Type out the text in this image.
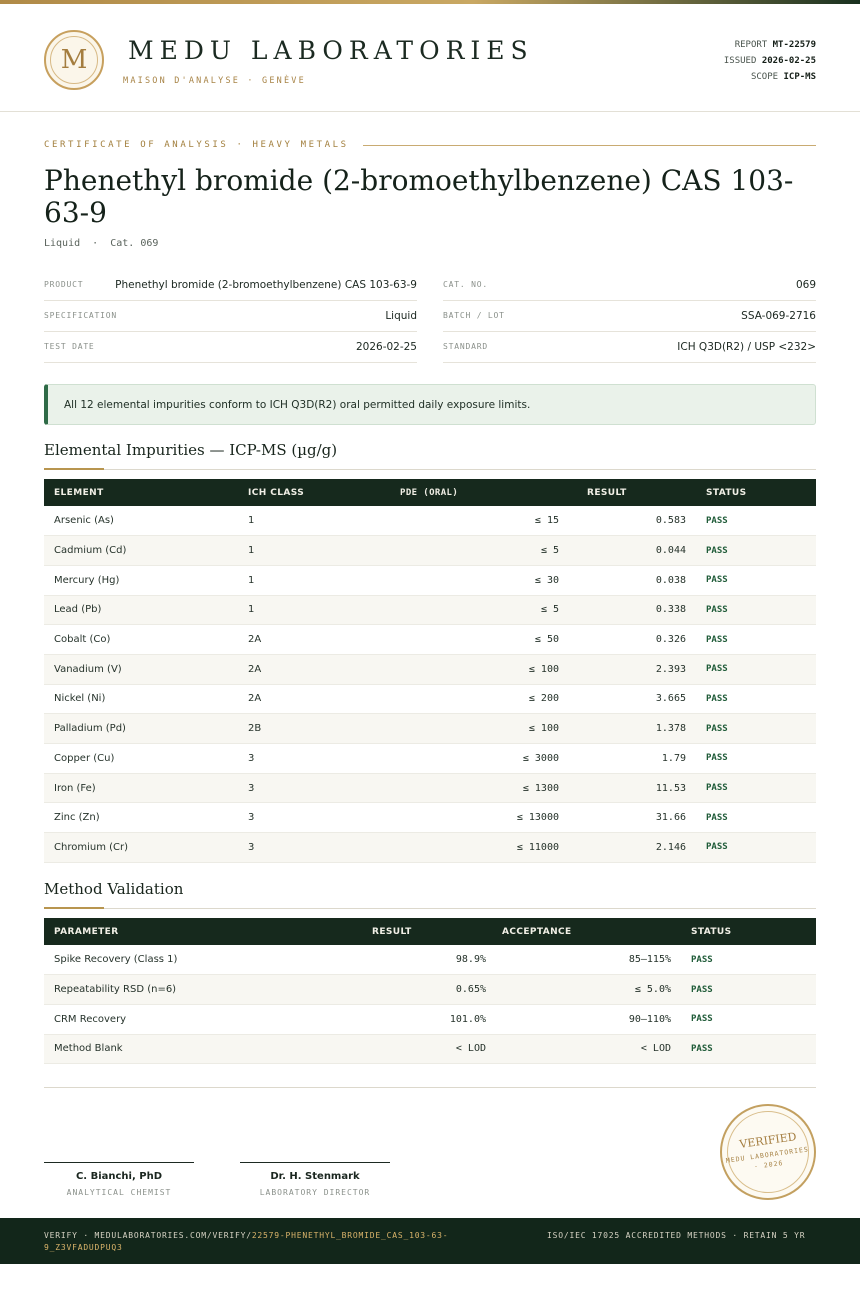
M	MEDU LABORATORIES
MAISON D'ANALYSE · GENÈVE
REPORT MT-22579
ISSUED 2026-02-25
SCOPE ICP-MS
CERTIFICATE OF ANALYSIS · HEAVY METALS
Phenethyl bromide (2-bromoethylbenzene) CAS 103-63-9
Liquid  ·  Cat. 069
PRODUCT	Phenethyl bromide (2-bromoethylbenzene) CAS 103-63-9
SPECIFICATION	Liquid
TEST DATE	2026-02-25
CAT. NO.	069
BATCH / LOT	SSA-069-2716
STANDARD	ICH Q3D(R2) / USP <232>
All 12 elemental impurities conform to ICH Q3D(R2) oral permitted daily exposure limits.
Elemental Impurities — ICP-MS (µg/g)
ELEMENT	ICH CLASS	PDE (ORAL)	RESULT	STATUS
Arsenic (As)	1	≤ 15	0.583	PASS
Cadmium (Cd)	1	≤ 5	0.044	PASS
Mercury (Hg)	1	≤ 30	0.038	PASS
Lead (Pb)	1	≤ 5	0.338	PASS
Cobalt (Co)	2A	≤ 50	0.326	PASS
Vanadium (V)	2A	≤ 100	2.393	PASS
Nickel (Ni)	2A	≤ 200	3.665	PASS
Palladium (Pd)	2B	≤ 100	1.378	PASS
Copper (Cu)	3	≤ 3000	1.79	PASS
Iron (Fe)	3	≤ 1300	11.53	PASS
Zinc (Zn)	3	≤ 13000	31.66	PASS
Chromium (Cr)	3	≤ 11000	2.146	PASS
Method Validation
PARAMETER	RESULT	ACCEPTANCE	STATUS
Spike Recovery (Class 1)	98.9%	85–115%	PASS
Repeatability RSD (n=6)	0.65%	≤ 5.0%	PASS
CRM Recovery	101.0%	90–110%	PASS
Method Blank	< LOD	< LOD	PASS
C. Bianchi, PhD
ANALYTICAL CHEMIST
Dr. H. Stenmark
LABORATORY DIRECTOR
VERIFIED
MEDU LABORATORIES · 2026
VERIFY · MEDULABORATORIES.COM/VERIFY/22579-PHENETHYL_BROMIDE_CAS_103-63-9_Z3VFADUDPUQ3
ISO/IEC 17025 ACCREDITED METHODS · RETAIN 5 YR
